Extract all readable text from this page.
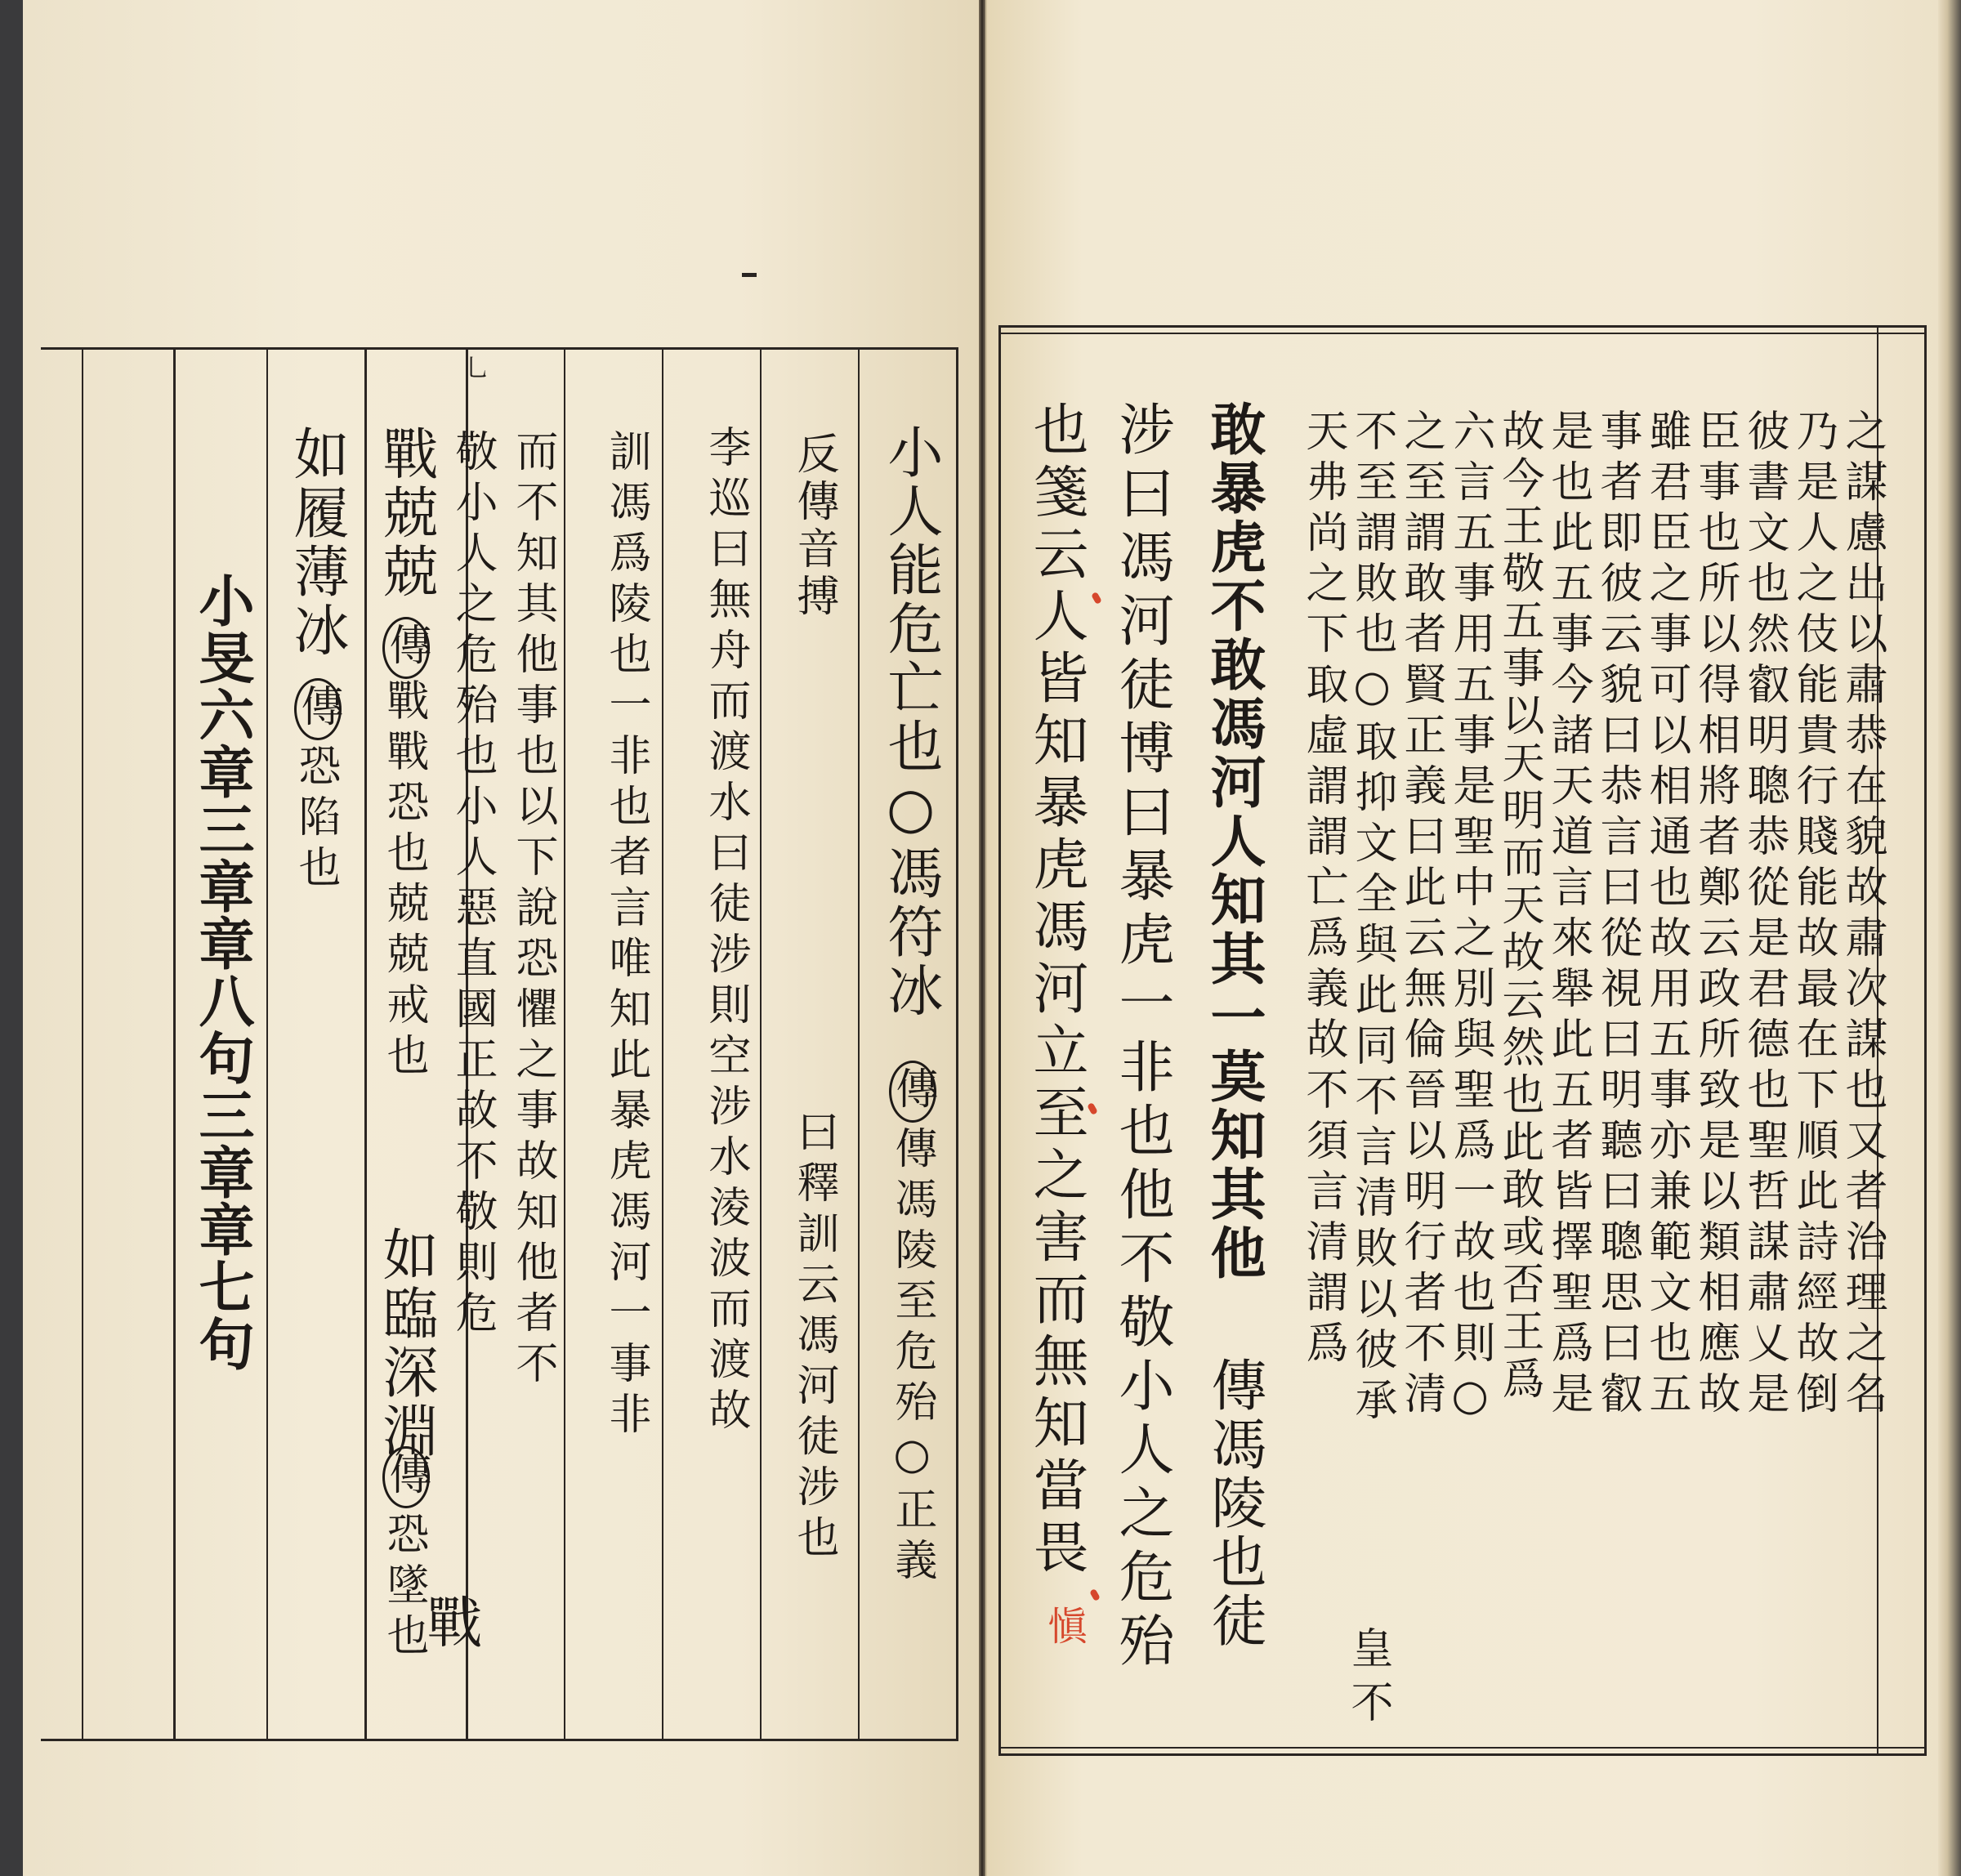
乚
小人能危亡也○馮符冰
傳
傳馮陵至危殆○正義
反傳音搏
曰釋訓云馮河徒涉也
李巡曰無舟而渡水曰徒涉則空涉水淩波而渡故
訓馮爲陵也一非也者言唯知此暴虎馮河一事非
而不知其他事也以下說恐懼之事故知他者不
敬小人之危殆也小人惡直國正故不敬則危
戰
戰兢兢
傳
戰戰恐也兢兢戒也
如臨深淵
傳
恐墜也
如履薄冰
傳
恐陷也
小旻六章三章章八句三章章七句	之謀慮出以肅恭在貌故肅次謀也又者治理之名
乃是人之伎能貴行賤能故最在下順此詩經故倒
彼書文也然叡明聰恭從是君德也聖哲謀肅乂是
臣事也所以得相將者鄭云政所致是以類相應故
雖君臣之事可以相通也故用五事亦兼範文也五
事者即彼云貌曰恭言曰從視曰明聽曰聰思曰叡
是也此五事今諸天道言來舉此五者皆擇聖爲是
故今王敬五事以天明而天故云然也此敢或否王爲
六言五事用五事是聖中之別與聖爲一故也則○
之至謂敢者賢正義曰此云無倫晉以明行者不清
不至謂敗也○取抑文全與此同不言清敗以彼承
天弗尚之下取虛謂謂亡爲義故不須言清謂爲
皇不
敢暴虎不敢馮河人知其一莫知其他
傳馮陵也徒
涉曰馮河徒博曰暴虎一非也他不敬小人之危殆
也箋云人皆知暴虎馮河立至之害而無知當畏
愼
